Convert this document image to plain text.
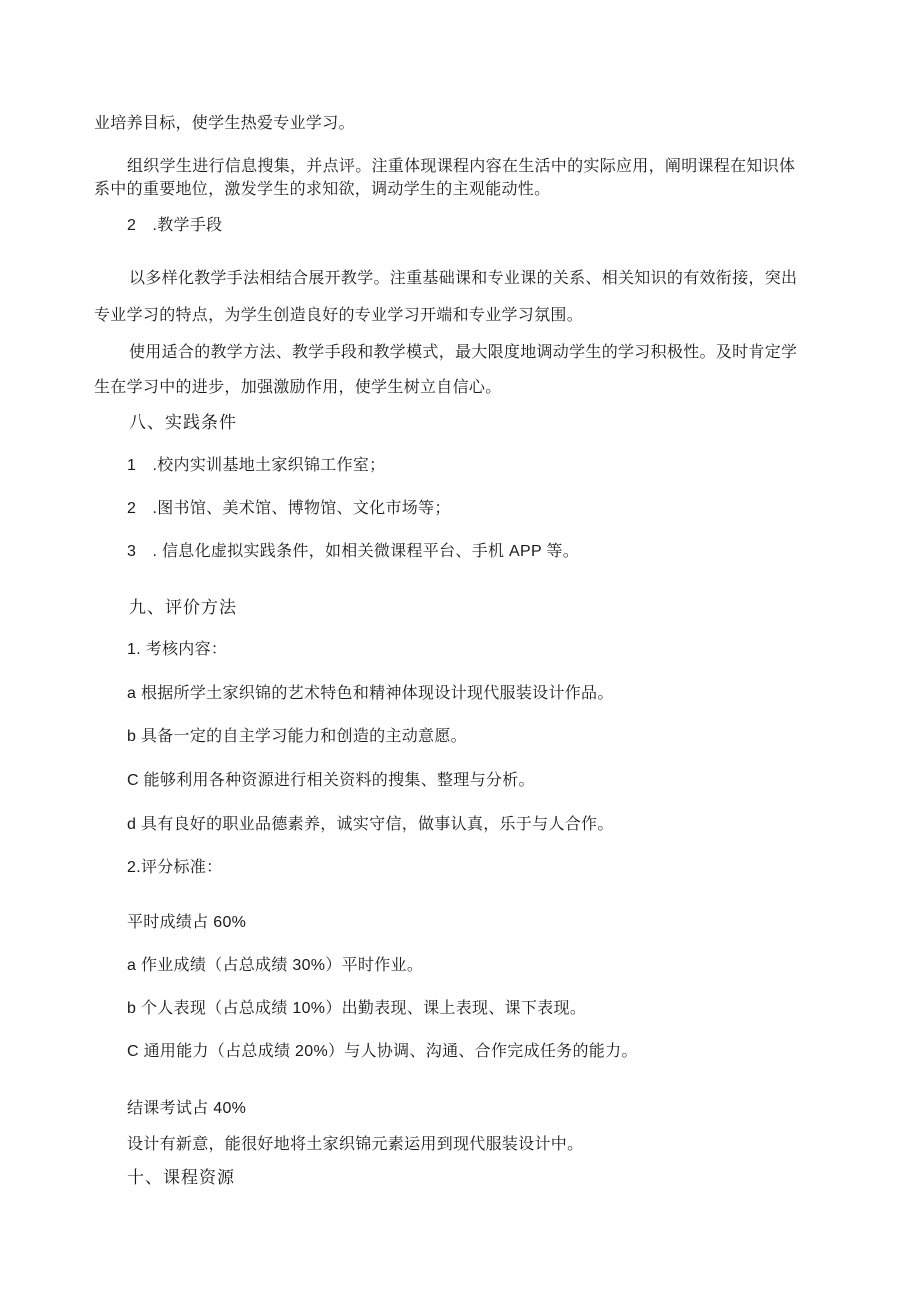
业培养目标，使学生热爱专业学习。
组织学生进行信息搜集，并点评。注重体现课程内容在生活中的实际应用，阐明课程在知识体
系中的重要地位，激发学生的求知欲，调动学生的主观能动性。
2　.教学手段
以多样化教学手法相结合展开教学。注重基础课和专业课的关系、相关知识的有效衔接，突出
专业学习的特点，为学生创造良好的专业学习开端和专业学习氛围。
使用适合的教学方法、教学手段和教学模式，最大限度地调动学生的学习积极性。及时肯定学
生在学习中的进步，加强激励作用，使学生树立自信心。
八、实践条件
1　.校内实训基地土家织锦工作室；
2　.图书馆、美术馆、博物馆、文化市场等；
3　. 信息化虚拟实践条件，如相关微课程平台、手机 APP 等。
九、评价方法
1. 考核内容：
a 根据所学土家织锦的艺术特色和精神体现设计现代服装设计作品。
b 具备一定的自主学习能力和创造的主动意愿。
C 能够利用各种资源进行相关资料的搜集、整理与分析。
d 具有良好的职业品德素养，诚实守信，做事认真，乐于与人合作。
2.评分标准：
平时成绩占 60%
a 作业成绩（占总成绩 30%）平时作业。
b 个人表现（占总成绩 10%）出勤表现、课上表现、课下表现。
C 通用能力（占总成绩 20%）与人协调、沟通、合作完成任务的能力。
结课考试占 40%
设计有新意，能很好地将土家织锦元素运用到现代服装设计中。
十、课程资源
